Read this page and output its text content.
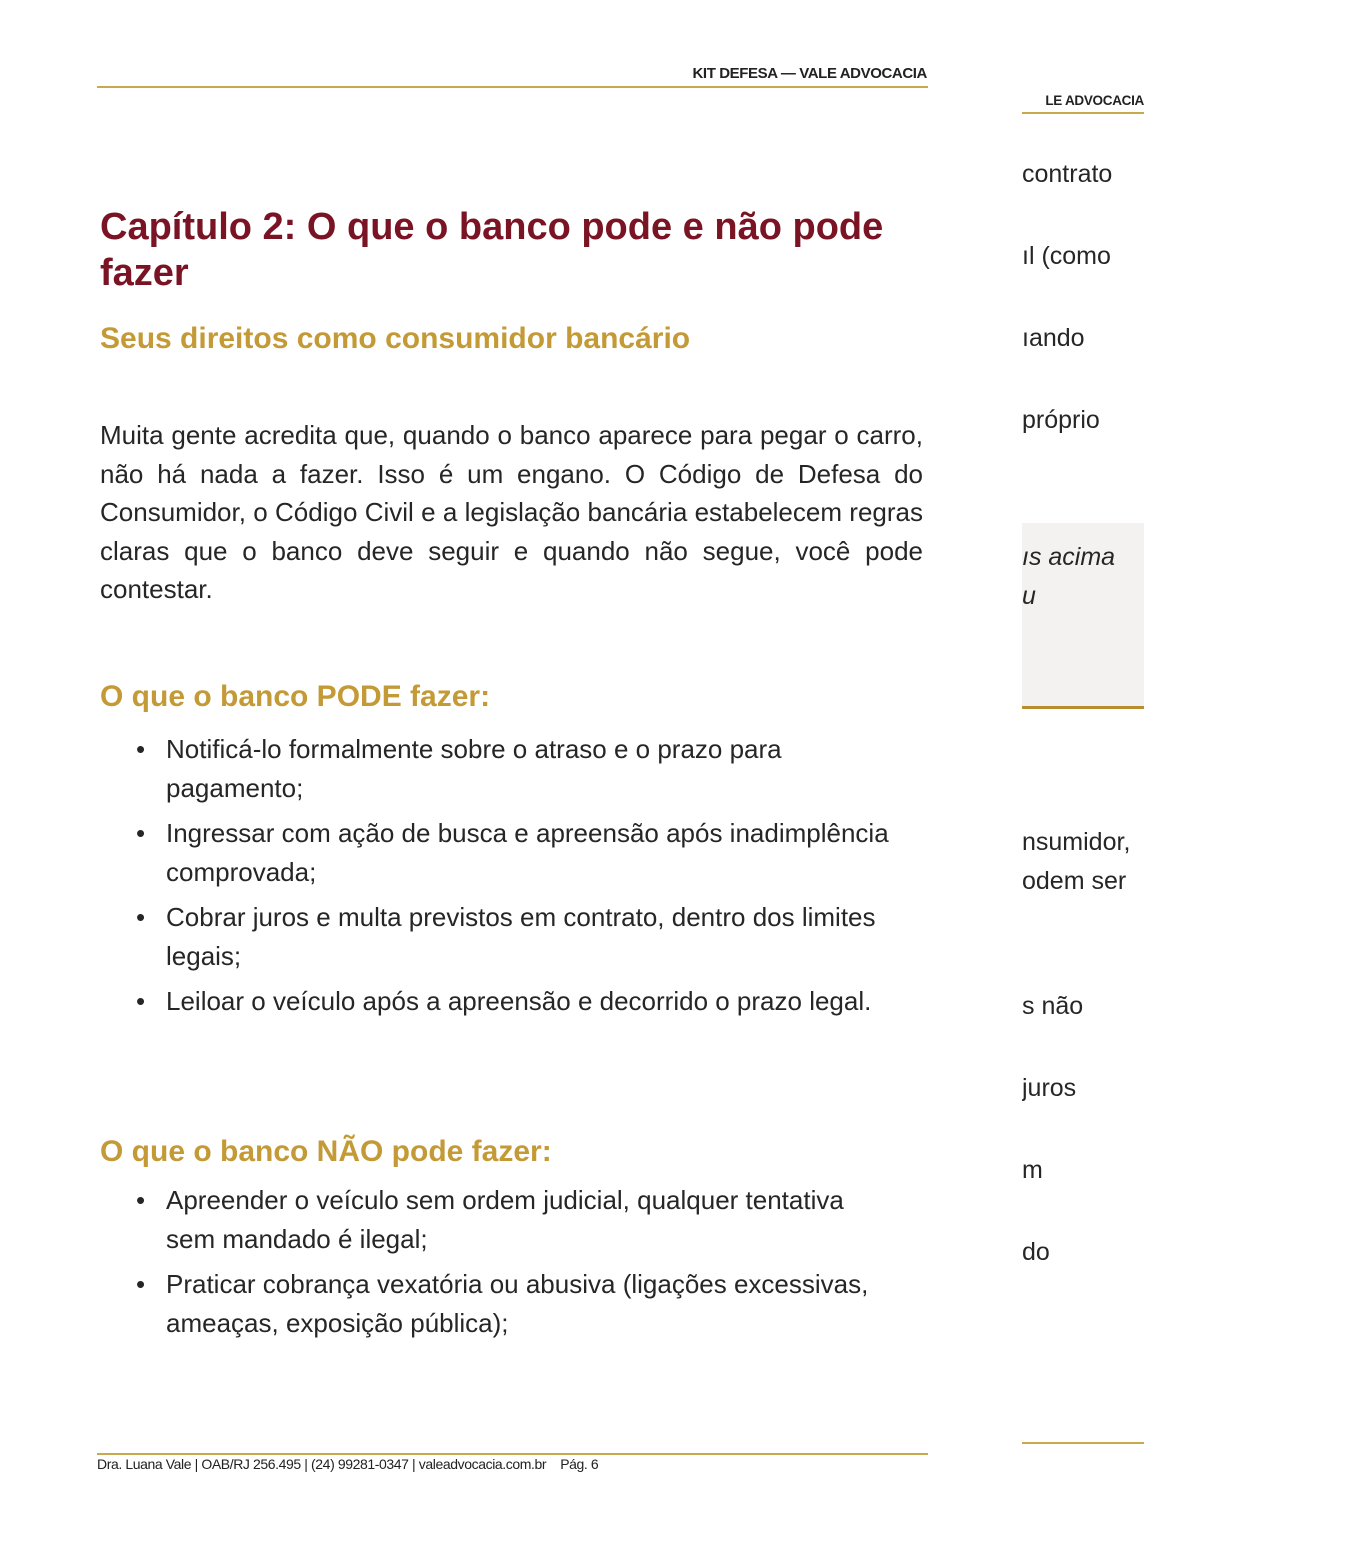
LE ADVOCACIA
contrato
ıl (como
ıando
próprio
ıs acima
u
nsumidor,
odem ser
s não
juros
m
do
KIT DEFESA — VALE ADVOCACIA
Capítulo 2: O que o banco pode e não pode fazer
Seus direitos como consumidor bancário

Muita gente acredita que, quando o banco aparece para pegar o carro, não há nada a fazer. Isso é um engano. O Código de Defesa do Consumidor, o Código Civil e a legislação bancária estabelecem regras claras que o banco deve seguir e quando não segue, você pode contestar.

O que o banco PODE fazer:
• Notificá-lo formalmente sobre o atraso e o prazo para pagamento;
• Ingressar com ação de busca e apreensão após inadimplência comprovada;
• Cobrar juros e multa previstos em contrato, dentro dos limites legais;
• Leiloar o veículo após a apreensão e decorrido o prazo legal.
O que o banco NÃO pode fazer:
• Apreender o veículo sem ordem judicial, qualquer tentativa sem mandado é ilegal;
• Praticar cobrança vexatória ou abusiva (ligações excessivas, ameaças, exposição pública);
Dra. Luana Vale | OAB/RJ 256.495 | (24) 99281-0347 | valeadvocacia.com.br Pág. 6
